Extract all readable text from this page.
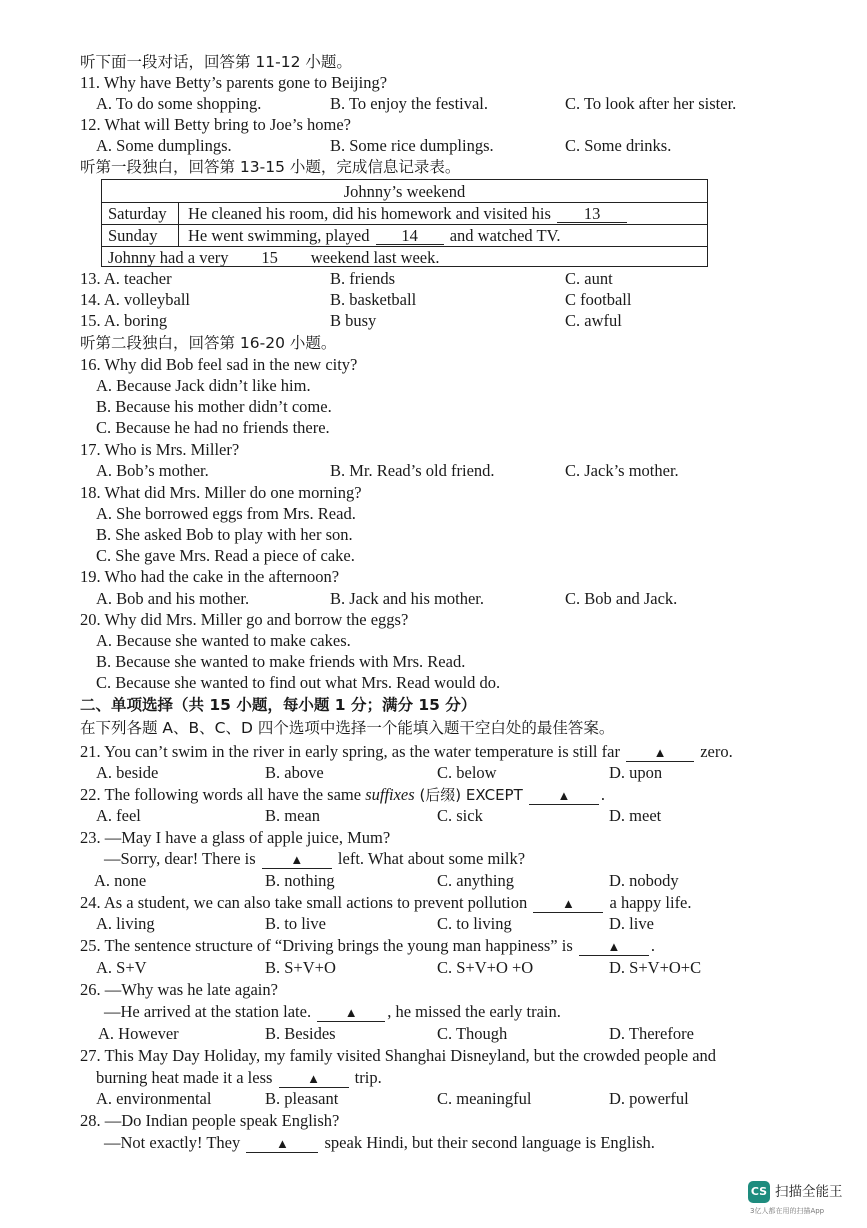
听下面一段对话，回答第 11-12 小题。
11. Why have Betty’s parents gone to Beijing?
A. To do some shopping.	B. To enjoy the festival.	C. To look after her sister.
12. What will Betty bring to Joe’s home?
A. Some dumplings.	B. Some rice dumplings.	C. Some drinks.
听第一段独白，回答第 13-15 小题，完成信息记录表。
Johnny’s weekend
Saturday He cleaned his room, did his homework and visited his 13
Sunday He went swimming, played 14 and watched TV.
Johnny had a very 15 weekend last week.
13. A. teacher	B. friends	C. aunt
14. A. volleyball	B. basketball	C football
15. A. boring	B busy	C. awful
听第二段独白，回答第 16-20 小题。
16. Why did Bob feel sad in the new city?
A. Because Jack didn’t like him.
B. Because his mother didn’t come.
C. Because he had no friends there.
17. Who is Mrs. Miller?
A. Bob’s mother.	B. Mr. Read’s old friend.	C. Jack’s mother.
18. What did Mrs. Miller do one morning?
A. She borrowed eggs from Mrs. Read.
B. She asked Bob to play with her son.
C. She gave Mrs. Read a piece of cake.
19. Who had the cake in the afternoon?
A. Bob and his mother.	B. Jack and his mother.	C. Bob and Jack.
20. Why did Mrs. Miller go and borrow the eggs?
A. Because she wanted to make cakes.
B. Because she wanted to make friends with Mrs. Read.
C. Because she wanted to find out what Mrs. Read would do.
二、单项选择（共 15 小题，每小题 1 分；满分 15 分）
在下列各题 A、B、C、D 四个选项中选择一个能填入题干空白处的最佳答案。
21. You can’t swim in the river in early spring, as the water temperature is still far	▲ zero.
A. beside	B. above	C. below	D. upon
22. The following words all have the same suffixes (后缀) EXCEPT	▲ .
A. feel	B. mean	C. sick	D. meet
23. —May I have a glass of apple juice, Mum?
—Sorry, dear! There is	▲ left. What about some milk?
A. none	B. nothing	C. anything	D. nobody
24. As a student, we can also take small actions to prevent pollution	▲ a happy life.
A. living	B. to live	C. to living	D. live
25. The sentence structure of “Driving brings the young man happiness” is	▲ .
A. S+V	B. S+V+O	C. S+V+O +O	D. S+V+O+C
26. —Why was he late again?
—He arrived at the station late.	▲ , he missed the early train.
A. However	B. Besides	C. Though	D. Therefore
27. This May Day Holiday, my family visited Shanghai Disneyland, but the crowded people and
burning heat made it a less	▲ trip.
A. environmental	B. pleasant	C. meaningful	D. powerful
28. —Do Indian people speak English?
—Not exactly! They	▲ speak Hindi, but their second language is English.
CS 扫描全能王
3亿人都在用的扫描App
